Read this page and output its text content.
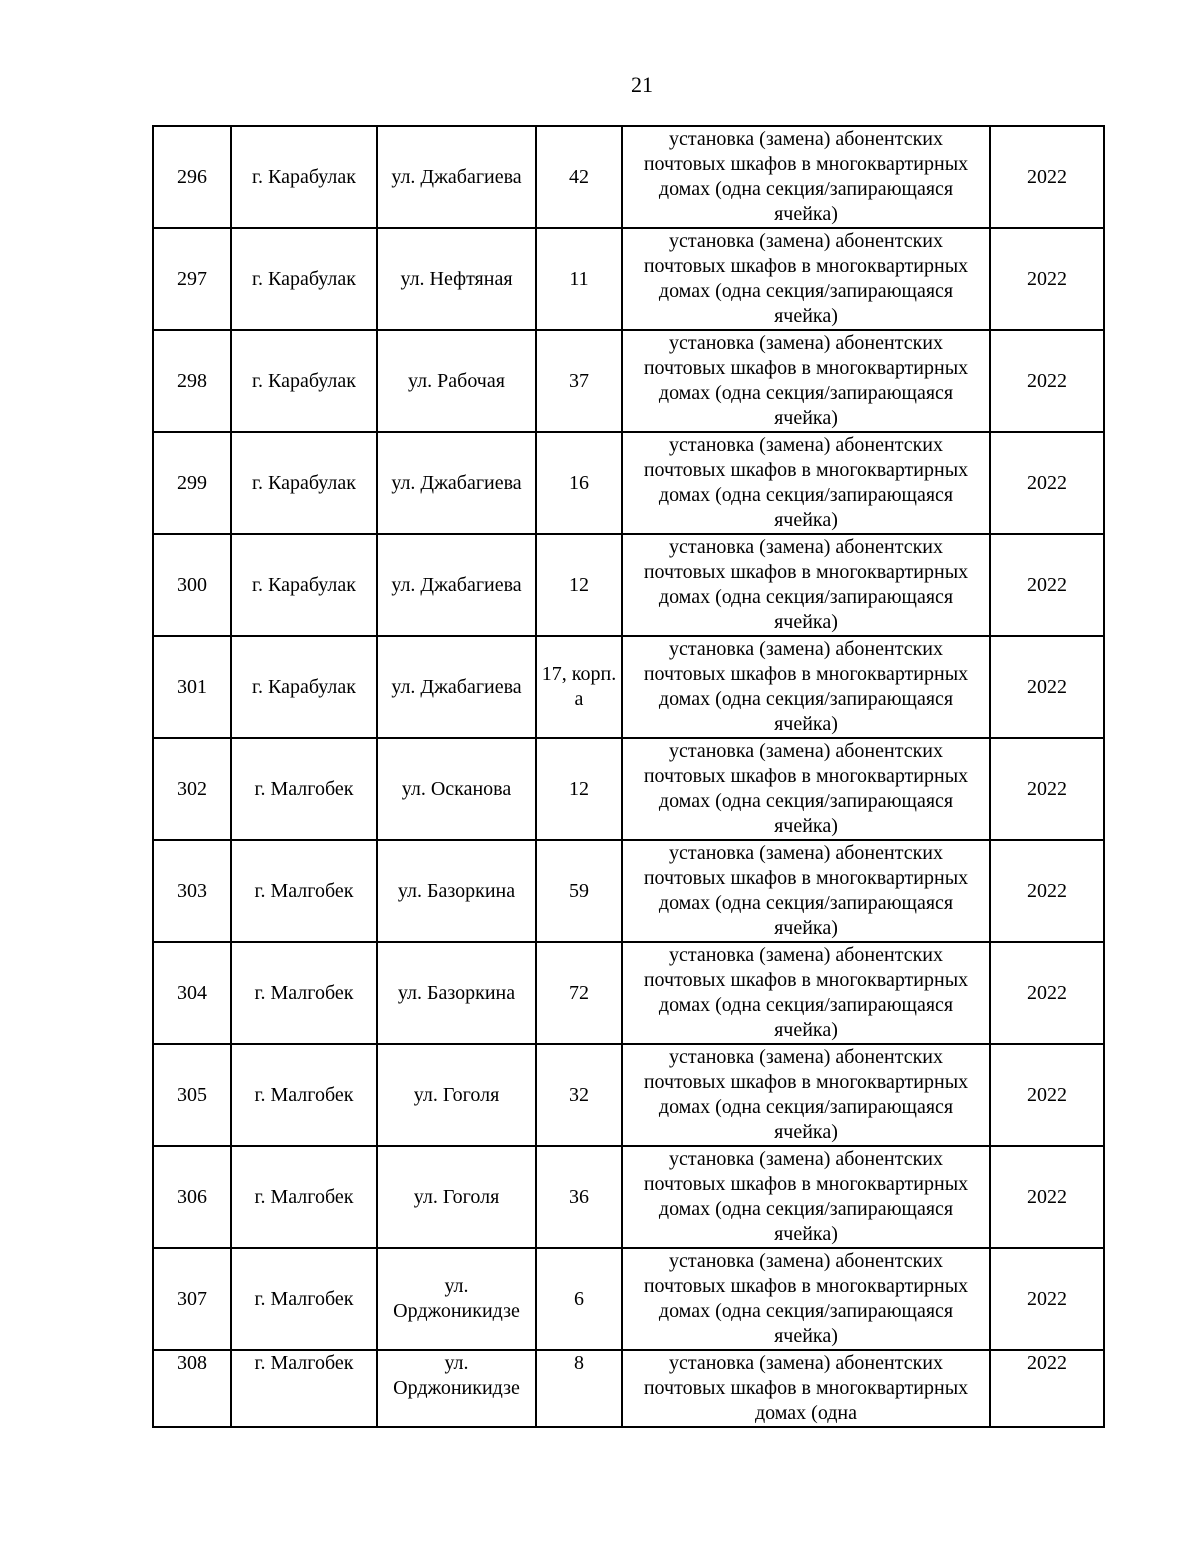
21
296	г. Карабулак	ул. Джабагиева	42	установка (замена) абонентских почтовых шкафов в многоквартирных домах (одна секция/запирающаяся ячейка)	2022
297	г. Карабулак	ул. Нефтяная	11	установка (замена) абонентских почтовых шкафов в многоквартирных домах (одна секция/запирающаяся ячейка)	2022
298	г. Карабулак	ул. Рабочая	37	установка (замена) абонентских почтовых шкафов в многоквартирных домах (одна секция/запирающаяся ячейка)	2022
299	г. Карабулак	ул. Джабагиева	16	установка (замена) абонентских почтовых шкафов в многоквартирных домах (одна секция/запирающаяся ячейка)	2022
300	г. Карабулак	ул. Джабагиева	12	установка (замена) абонентских почтовых шкафов в многоквартирных домах (одна секция/запирающаяся ячейка)	2022
301	г. Карабулак	ул. Джабагиева	17, корп. а	установка (замена) абонентских почтовых шкафов в многоквартирных домах (одна секция/запирающаяся ячейка)	2022
302	г. Малгобек	ул. Осканова	12	установка (замена) абонентских почтовых шкафов в многоквартирных домах (одна секция/запирающаяся ячейка)	2022
303	г. Малгобек	ул. Базоркина	59	установка (замена) абонентских почтовых шкафов в многоквартирных домах (одна секция/запирающаяся ячейка)	2022
304	г. Малгобек	ул. Базоркина	72	установка (замена) абонентских почтовых шкафов в многоквартирных домах (одна секция/запирающаяся ячейка)	2022
305	г. Малгобек	ул. Гоголя	32	установка (замена) абонентских почтовых шкафов в многоквартирных домах (одна секция/запирающаяся ячейка)	2022
306	г. Малгобек	ул. Гоголя	36	установка (замена) абонентских почтовых шкафов в многоквартирных домах (одна секция/запирающаяся ячейка)	2022
307	г. Малгобек	ул. Орджоникидзе	6	установка (замена) абонентских почтовых шкафов в многоквартирных домах (одна секция/запирающаяся ячейка)	2022
308	г. Малгобек	ул. Орджоникидзе	8	установка (замена) абонентских почтовых шкафов в многоквартирных домах (одна	2022
